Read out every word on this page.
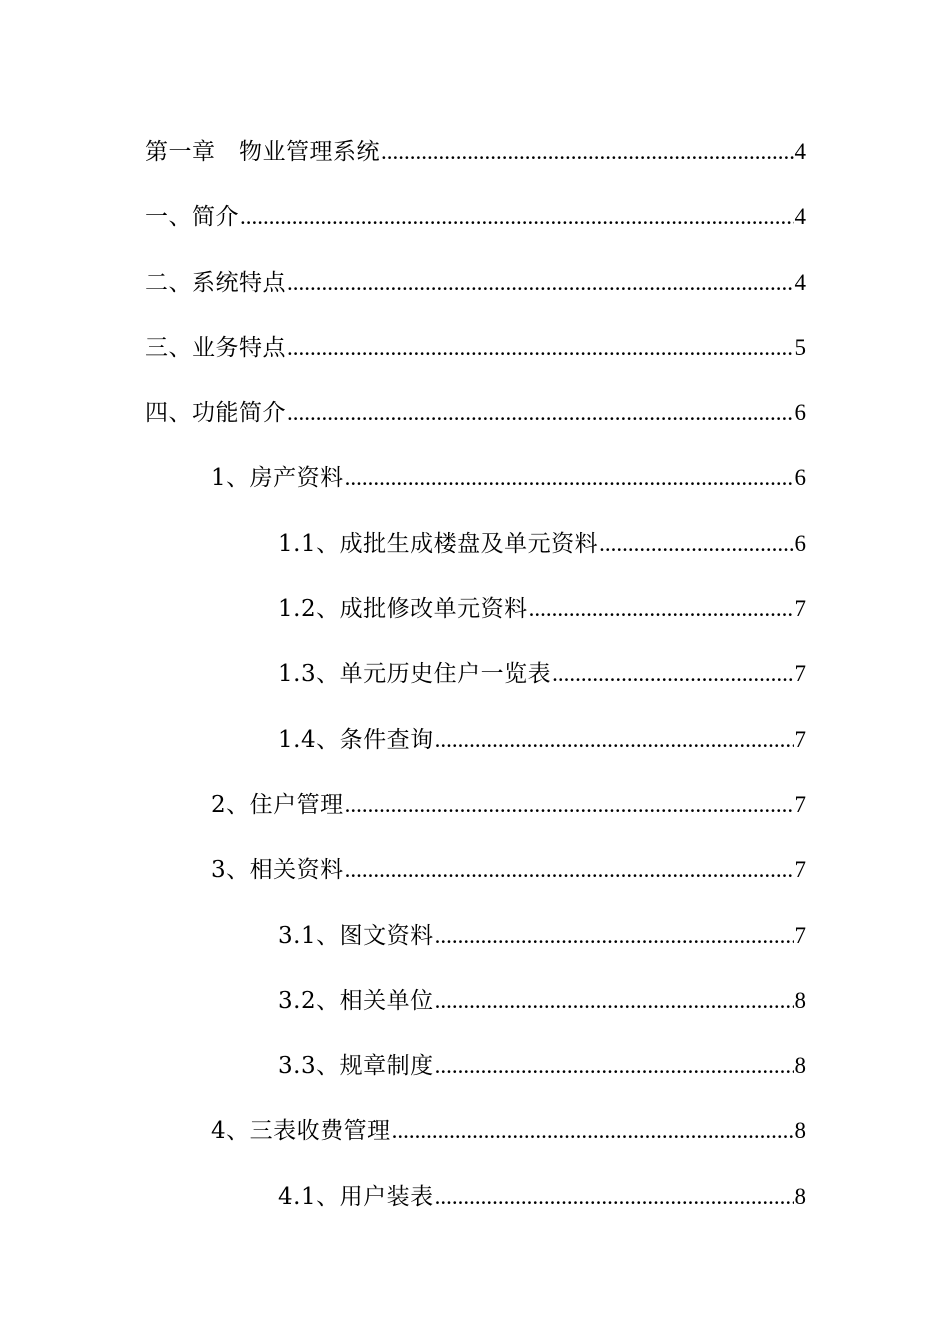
第一章　物业管理系统 .....	4
一、简介 .....	4
二、系统特点 .....	4
三、业务特点 .....	5
四、功能简介 .....	6
1、房产资料 .....	6
1.1、成批生成楼盘及单元资料 .....	6
1.2、成批修改单元资料 .....	7
1.3、单元历史住户一览表 .....	7
1.4、条件查询 .....	7
2、住户管理 .....	7
3、相关资料 .....	7
3.1、图文资料 .....	7
3.2、相关单位 .....	8
3.3、规章制度 .....	8
4、三表收费管理 .....	8
4.1、用户装表 .....	8
